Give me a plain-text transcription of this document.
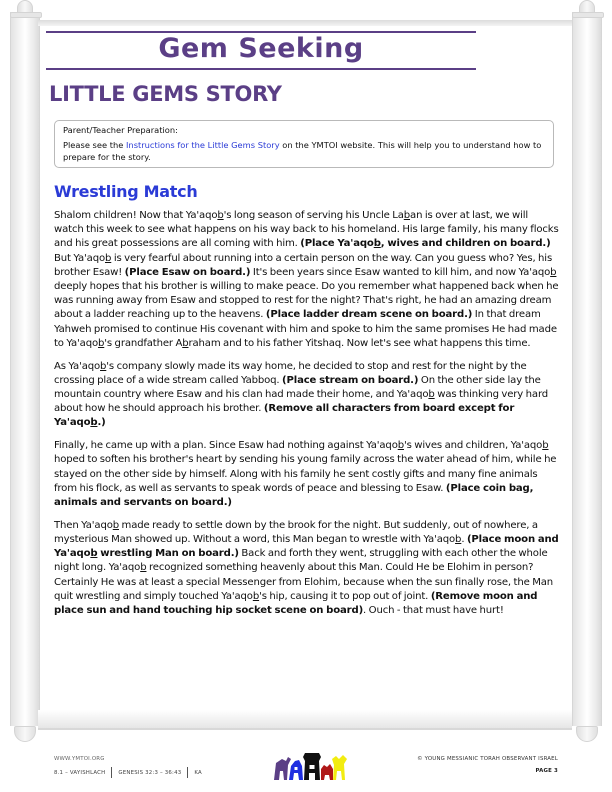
Gem Seeking
LITTLE GEMS STORY
Parent/Teacher Preparation:
Please see the Instructions for the Little Gems Story on the YMTOI website. This will help you to understand how to prepare for the story.
Wrestling Match

Shalom children! Now that Ya'aqob's long season of serving his Uncle Laban is over at last, we will watch this week to see what happens on his way back to his homeland. His large family, his many flocks and his great possessions are all coming with him. (Place Ya'aqob, wives and children on board.) But Ya'aqob is very fearful about running into a certain person on the way. Can you guess who? Yes, his brother Esaw! (Place Esaw on board.) It's been years since Esaw wanted to kill him, and now Ya'aqob deeply hopes that his brother is willing to make peace. Do you remember what happened back when he was running away from Esaw and stopped to rest for the night? That's right, he had an amazing dream about a ladder reaching up to the heavens. (Place ladder dream scene on board.) In that dream Yahweh promised to continue His covenant with him and spoke to him the same promises He had made to Ya'aqob's grandfather Abraham and to his father Yitshaq. Now let's see what happens this time.

As Ya'aqob's company slowly made its way home, he decided to stop and rest for the night by the crossing place of a wide stream called Yabboq. (Place stream on board.) On the other side lay the mountain country where Esaw and his clan had made their home, and Ya'aqob was thinking very hard about how he should approach his brother. (Remove all characters from board except for Ya'aqob.)

Finally, he came up with a plan. Since Esaw had nothing against Ya'aqob's wives and children, Ya'aqob hoped to soften his brother's heart by sending his young family across the water ahead of him, while he stayed on the other side by himself. Along with his family he sent costly gifts and many fine animals from his flock, as well as servants to speak words of peace and blessing to Esaw. (Place coin bag, animals and servants on board.)

Then Ya'aqob made ready to settle down by the brook for the night. But suddenly, out of nowhere, a mysterious Man showed up. Without a word, this Man began to wrestle with Ya'aqob. (Place moon and Ya'aqob wrestling Man on board.) Back and forth they went, struggling with each other the whole night long. Ya'aqob recognized something heavenly about this Man. Could He be Elohim in person? Certainly He was at least a special Messenger from Elohim, because when the sun finally rose, the Man quit wrestling and simply touched Ya'aqob's hip, causing it to pop out of joint. (Remove moon and place sun and hand touching hip socket scene on board). Ouch - that must have hurt!

WWW.YMTOI.ORG
8.1 – VAYISHLACH GENESIS 32:3 – 36:43 KA
© YOUNG MESSIANIC TORAH OBSERVANT ISRAEL
PAGE 3
